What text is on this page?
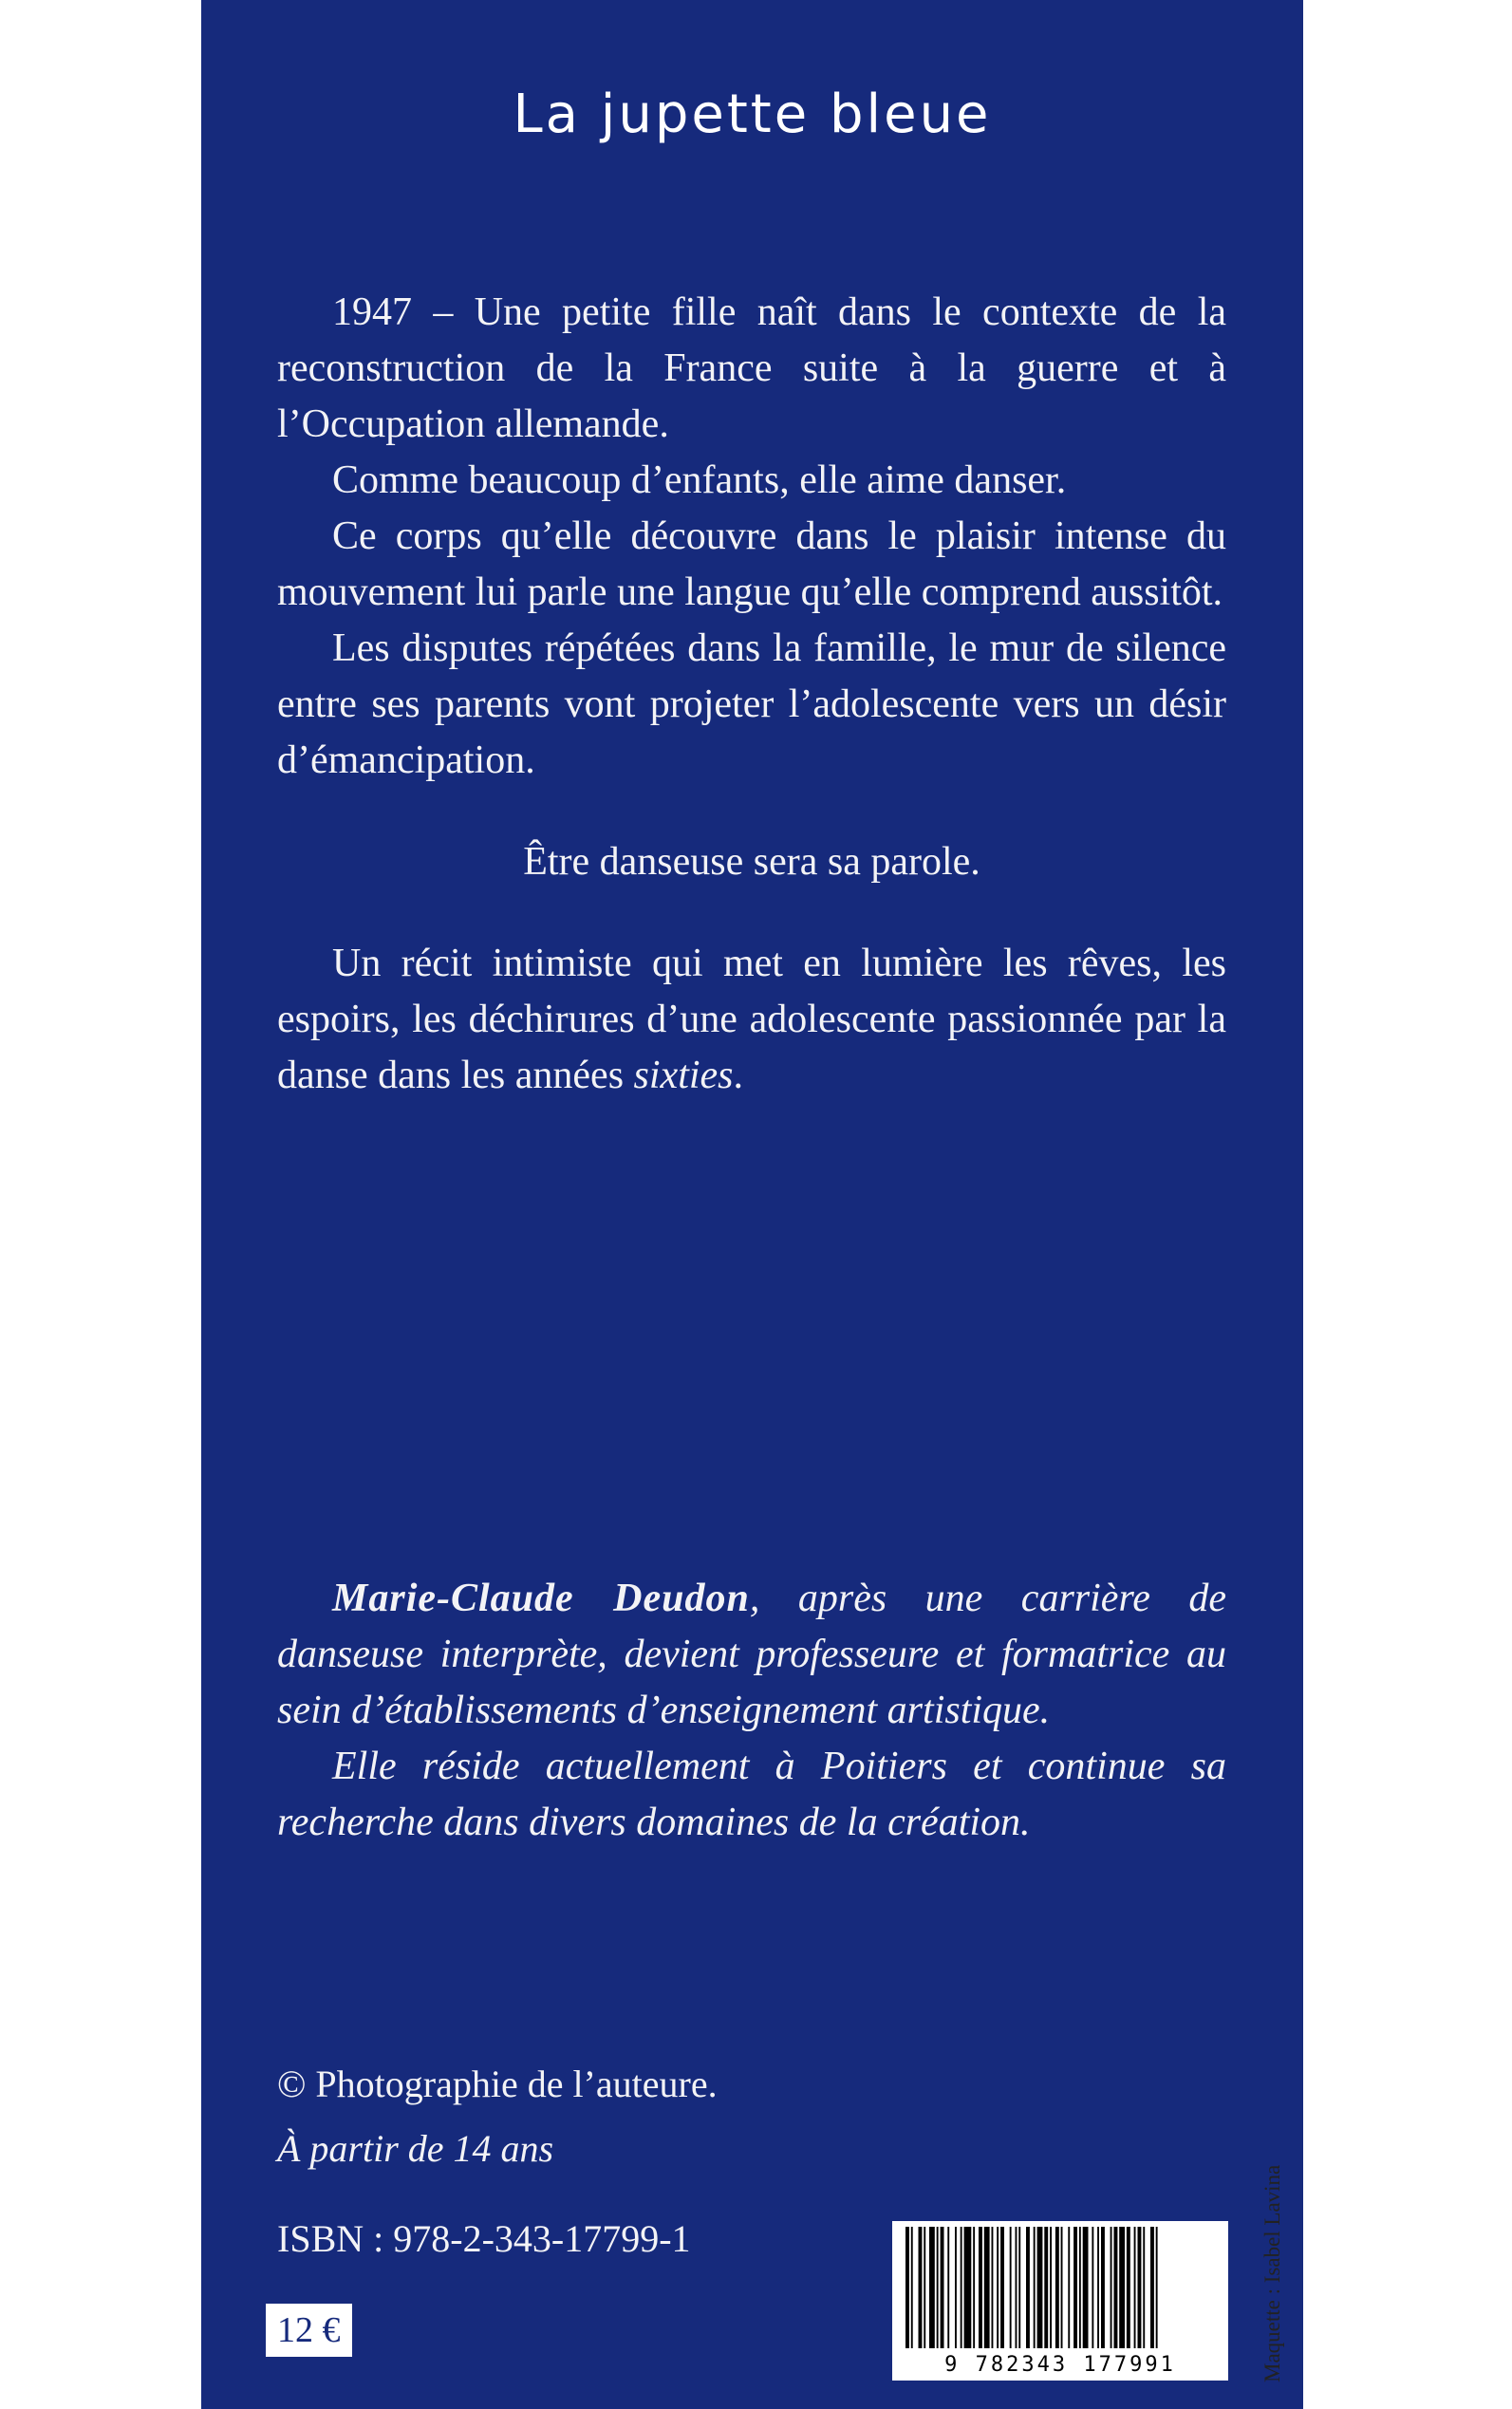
La jupette bleue

1947 – Une petite fille naît dans le contexte de la reconstruction de la France suite à la guerre et à l’Occupation allemande.

Comme beaucoup d’enfants, elle aime danser.

Ce corps qu’elle découvre dans le plaisir intense du mouvement lui parle une langue qu’elle comprend aussitôt.

Les disputes répétées dans la famille, le mur de silence entre ses parents vont projeter l’adolescente vers un désir d’émancipation.

Être danseuse sera sa parole.

Un récit intimiste qui met en lumière les rêves, les espoirs, les déchirures d’une adolescente passionnée par la danse dans les années sixties.

Marie-Claude Deudon, après une carrière de danseuse interprète, devient professeure et formatrice au sein d’établissements d’enseignement artistique.

Elle réside actuellement à Poitiers et continue sa recherche dans divers domaines de la création.

© Photographie de l’auteure.
À partir de 14 ans
ISBN : 978-2-343-17799-1
12 €
9 782343 177991	Maquette : Isabel Lavina
